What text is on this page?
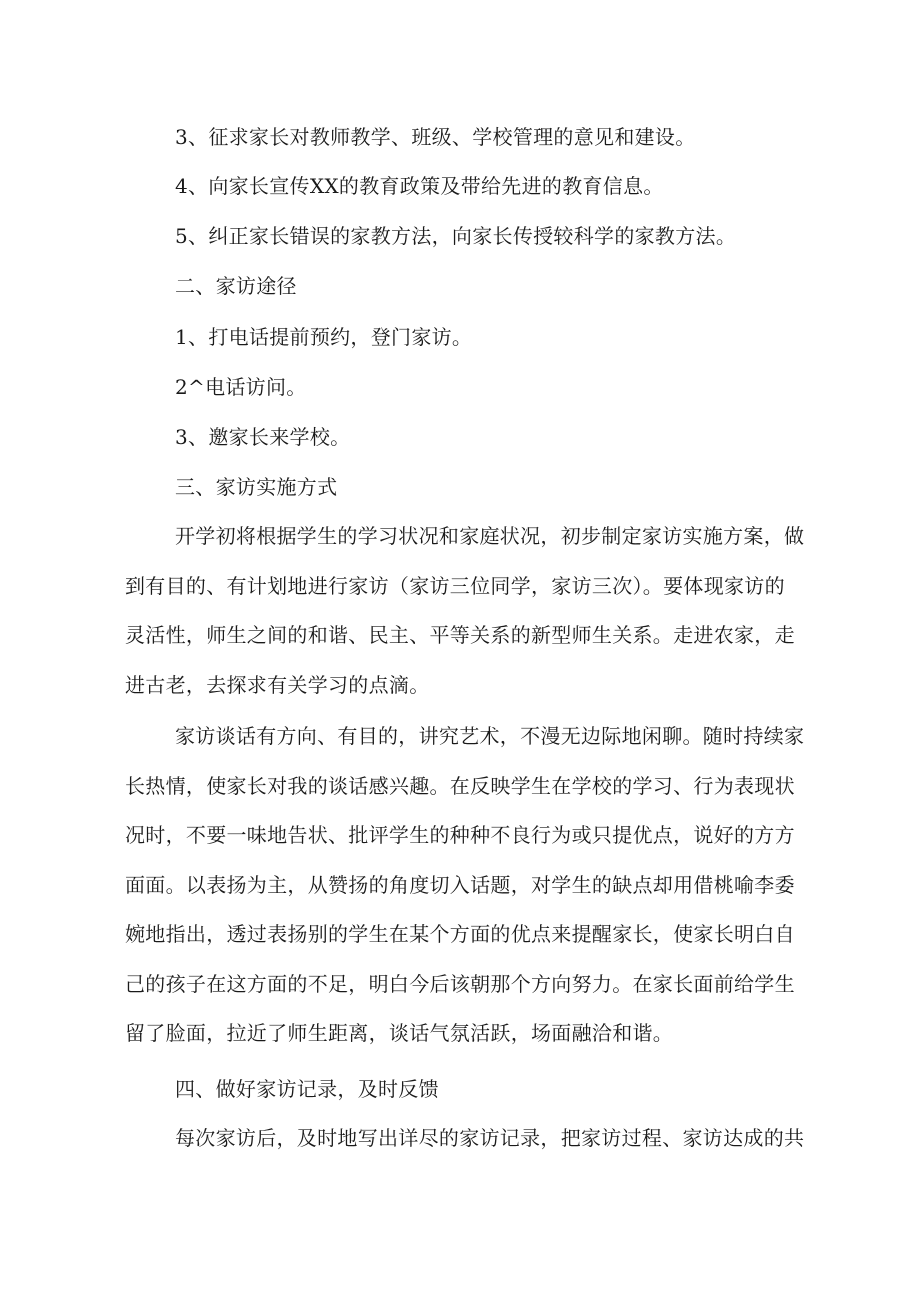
3、征求家长对教师教学、班级、学校管理的意见和建设。
4、向家长宣传XX的教育政策及带给先进的教育信息。
5、纠正家长错误的家教方法，向家长传授较科学的家教方法。
二、家访途径
1、打电话提前预约，登门家访。
2^电话访问。
3、邀家长来学校。
三、家访实施方式
开学初将根据学生的学习状况和家庭状况，初步制定家访实施方案，做
到有目的、有计划地进行家访（家访三位同学，家访三次）。要体现家访的
灵活性，师生之间的和谐、民主、平等关系的新型师生关系。走进农家，走
进古老，去探求有关学习的点滴。
家访谈话有方向、有目的，讲究艺术，不漫无边际地闲聊。随时持续家
长热情，使家长对我的谈话感兴趣。在反映学生在学校的学习、行为表现状
况时，不要一味地告状、批评学生的种种不良行为或只提优点，说好的方方
面面。以表扬为主，从赞扬的角度切入话题，对学生的缺点却用借桃喻李委
婉地指出，透过表扬别的学生在某个方面的优点来提醒家长，使家长明白自
己的孩子在这方面的不足，明白今后该朝那个方向努力。在家长面前给学生
留了脸面，拉近了师生距离，谈话气氛活跃，场面融洽和谐。
四、做好家访记录，及时反馈
每次家访后，及时地写出详尽的家访记录，把家访过程、家访达成的共
